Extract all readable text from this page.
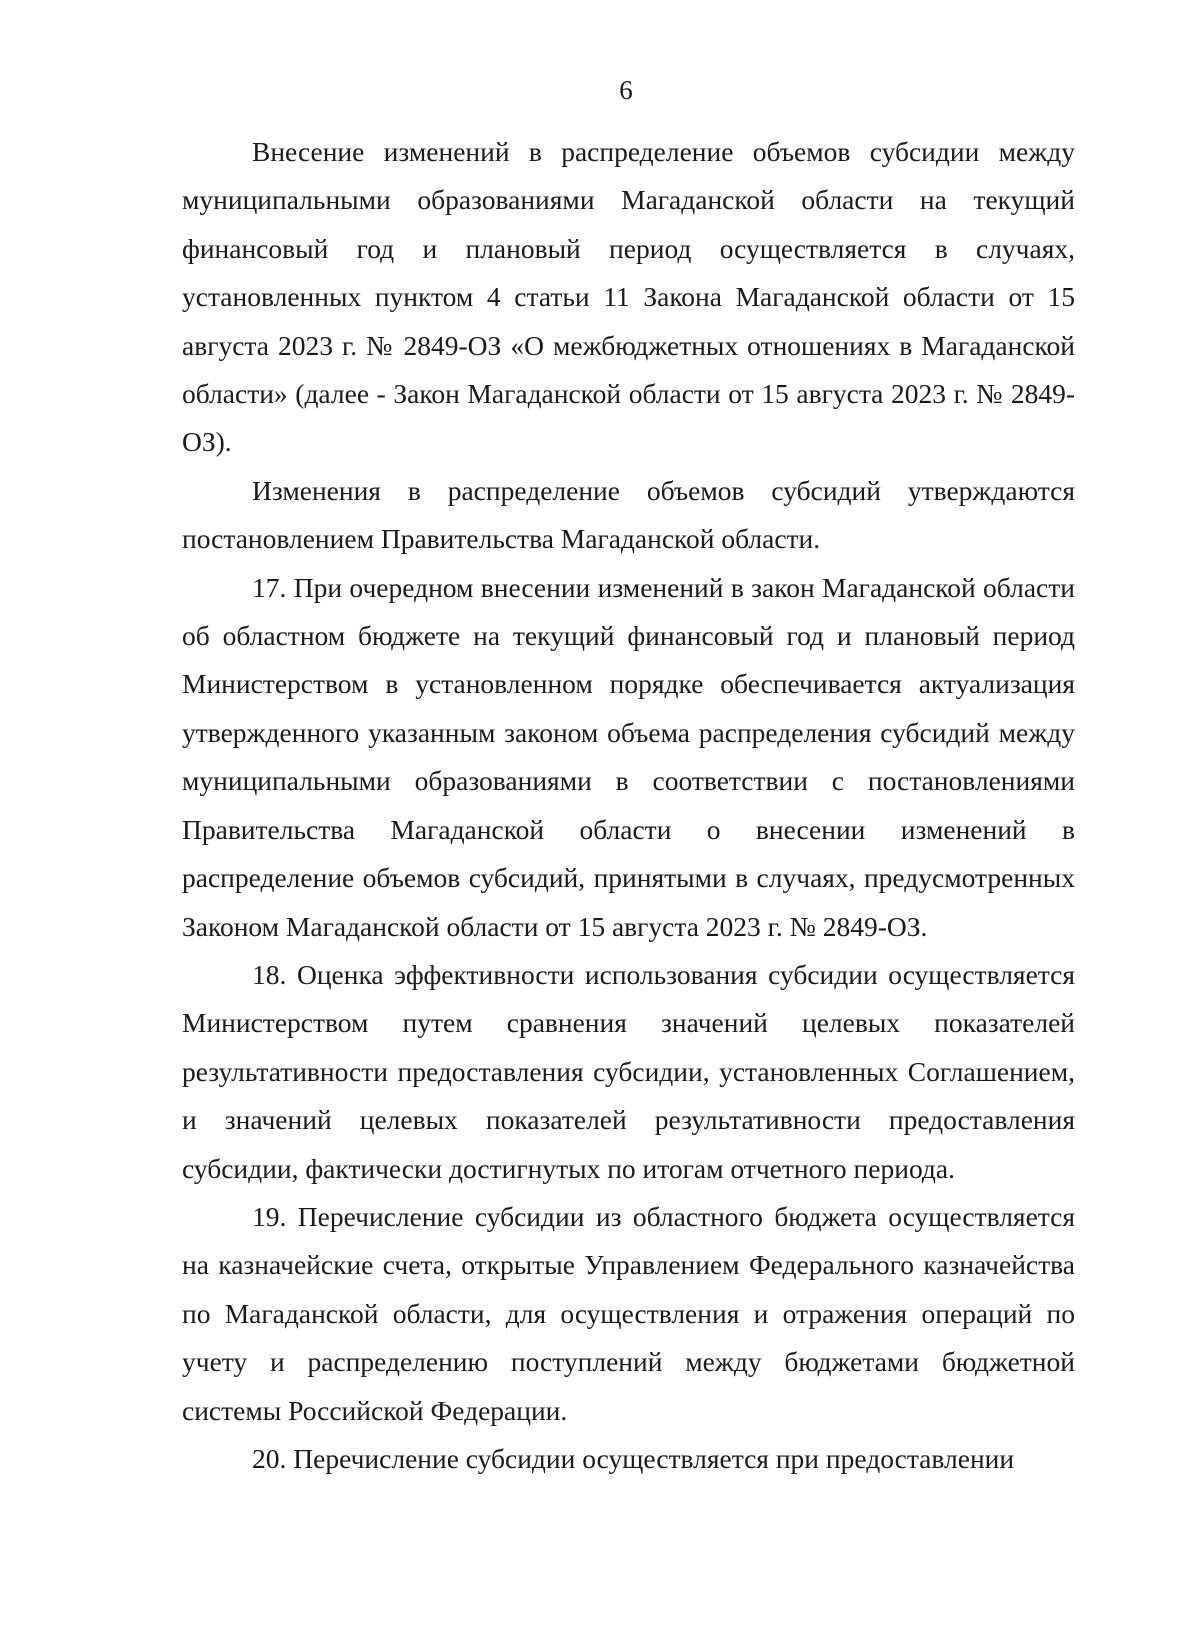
6

Внесение изменений в распределение объемов субсидии между муниципальными образованиями Магаданской области на текущий финансовый год и плановый период осуществляется в случаях, установленных пунктом 4 статьи 11 Закона Магаданской области от 15 августа 2023 г. № 2849-ОЗ «О межбюджетных отношениях в Магаданской области» (далее - Закон Магаданской области от 15 августа 2023 г. № 2849-ОЗ).

Изменения в распределение объемов субсидий утверждаются постановлением Правительства Магаданской области.

17. При очередном внесении изменений в закон Магаданской области об областном бюджете на текущий финансовый год и плановый период Министерством в установленном порядке обеспечивается актуализация утвержденного указанным законом объема распределения субсидий между муниципальными образованиями в соответствии с постановлениями Правительства Магаданской области о внесении изменений в распределение объемов субсидий, принятыми в случаях, предусмотренных Законом Магаданской области от 15 августа 2023 г. № 2849-ОЗ.

18. Оценка эффективности использования субсидии осуществляется Министерством путем сравнения значений целевых показателей результативности предоставления субсидии, установленных Соглашением, и значений целевых показателей результативности предоставления субсидии, фактически достигнутых по итогам отчетного периода.

19. Перечисление субсидии из областного бюджета осуществляется на казначейские счета, открытые Управлением Федерального казначейства по Магаданской области, для осуществления и отражения операций по учету и распределению поступлений между бюджетами бюджетной системы Российской Федерации.

20. Перечисление субсидии осуществляется при предоставлении
